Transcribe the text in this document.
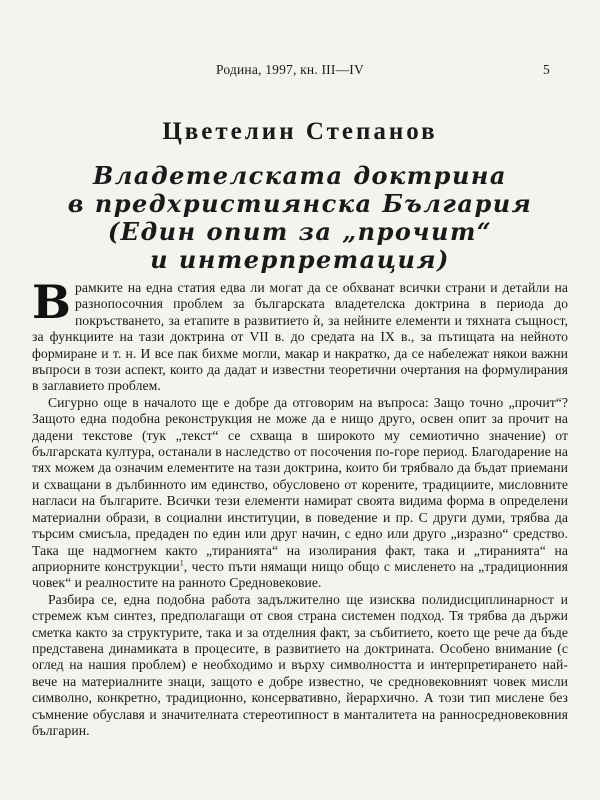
Родина, 1997, кн. III—IV	5
Цветелин Степанов
Владетелската доктрина
в предхристиянска България
(Един опит за „прочит“
и интерпретация)

Врамките на една статия едва ли могат да се обхванат всички страни и детайли на разнопосочния проблем за българската владетелска доктрина в периода до покръстването, за етапите в развитието ѝ, за нейните елементи и тяхната същност, за функциите на тази доктрина от VII в. до средата на IX в., за пътищата на нейното формиране и т. н. И все пак бихме могли, макар и накратко, да се набележат някои важни въпроси в този аспект, които да дадат и известни теоретични очертания на формулирания в заглавието проблем.

Сигурно още в началото ще е добре да отговорим на въпроса: Защо точно „прочит“? Защото една подобна реконструкция не може да е нищо друго, освен опит за прочит на дадени текстове (тук „текст“ се схваща в широкото му семиотично значение) от българската култура, останали в наследство от посочения по-горе период. Благодарение на тях можем да означим елементите на тази доктрина, които би трябвало да бъдат приемани и схващани в дълбинното им единство, обусловено от корените, традициите, мисловните нагласи на българите. Всички тези елементи намират своята видима форма в определени материални образи, в социални институции, в поведение и пр. С други думи, трябва да търсим смисъла, предаден по един или друг начин, с едно или друго „изразно“ средство. Така ще надмогнем както „тиранията“ на изолирания факт, така и „тиранията“ на априорните конструкции$^1$, често пъти нямащи нищо общо с мисленето на „традиционния човек“ и реалностите на ранното Средновековие.

Разбира се, една подобна работа задължително ще изисква полидисциплинарност и стремеж към синтез, предполагащи от своя страна системен подход. Тя трябва да държи сметка както за структурите, така и за отделния факт, за събитието, което ще рече да бъде представена динамиката в процесите, в развитието на доктрината. Особено внимание (с оглед на нашия проблем) е необходимо и върху символността и интерпретирането най-вече на материалните знаци, защото е добре известно, че средновековният човек мисли символно, конкретно, традиционно, консервативно, йерархично. А този тип мислене без съмнение обуславя и значителната стереотипност в манталитета на ранносредновековния българин.
